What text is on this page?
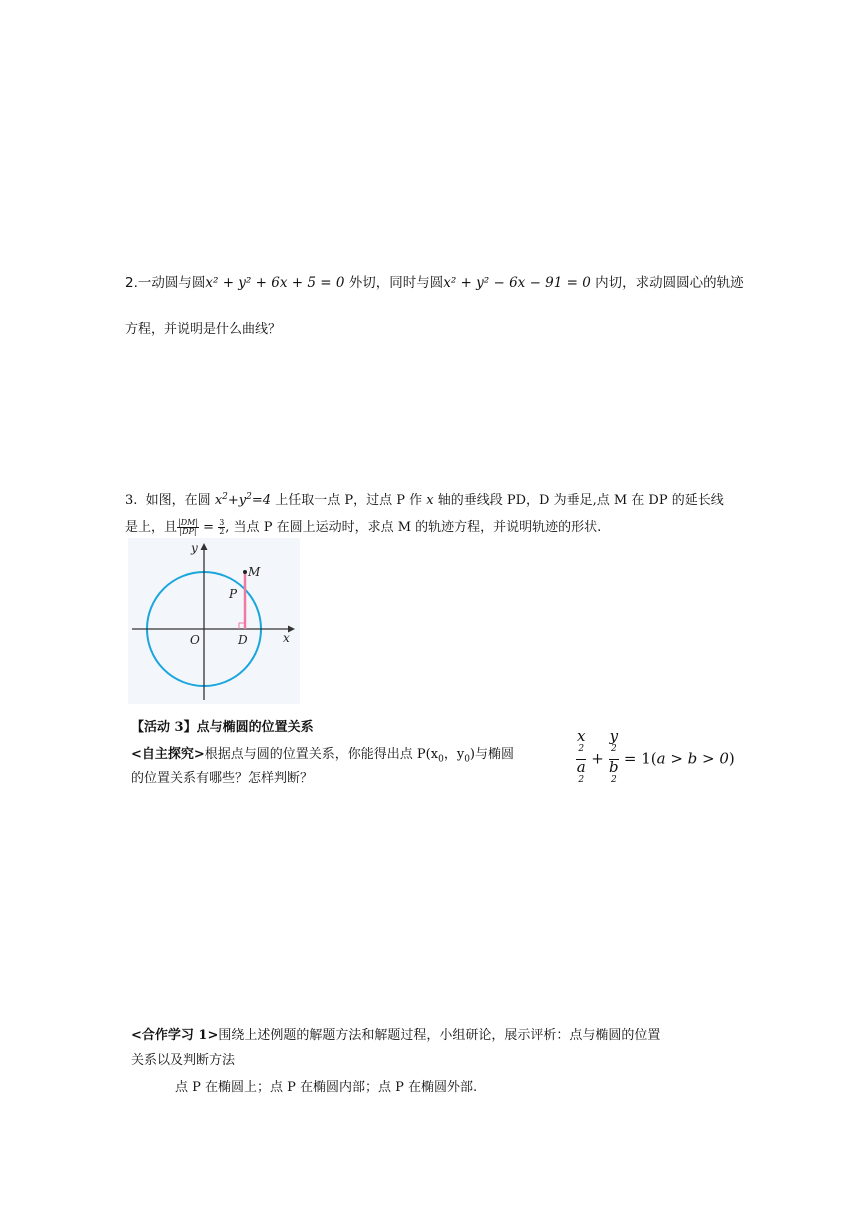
2.一动圆与圆x² + y² + 6x + 5 = 0 外切，同时与圆x² + y² − 6x − 91 = 0 内切，求动圆圆心的轨迹
方程，并说明是什么曲线？
3. 如图，在圆 $x^2+y^2=4$ 上任取一点 P，过点 P 作 x 轴的垂线段 PD，D 为垂足,点 M 在 DP 的延长线
是上，且 $\frac{|DM|}{|DP|} = \frac{3}{2}$ , 当点 P 在圆上运动时，求点 M 的轨迹方程，并说明轨迹的形状.
y
M
P
O	D	x
【活动 3】点与椭圆的位置关系
<自主探究>根据点与圆的位置关系，你能得出点 $P(x_0$，$y_0$)与椭圆	x
$^2$
a
$^2$ + y
$^2$
b
$^2$ = 1(a > b > 0)
的位置关系有哪些？怎样判断？
<合作学习 1>围绕上述例题的解题方法和解题过程，小组研论，展示评析：点与椭圆的位置
关系以及判断方法
点 P 在椭圆上；点 P 在椭圆内部；点 P 在椭圆外部.
